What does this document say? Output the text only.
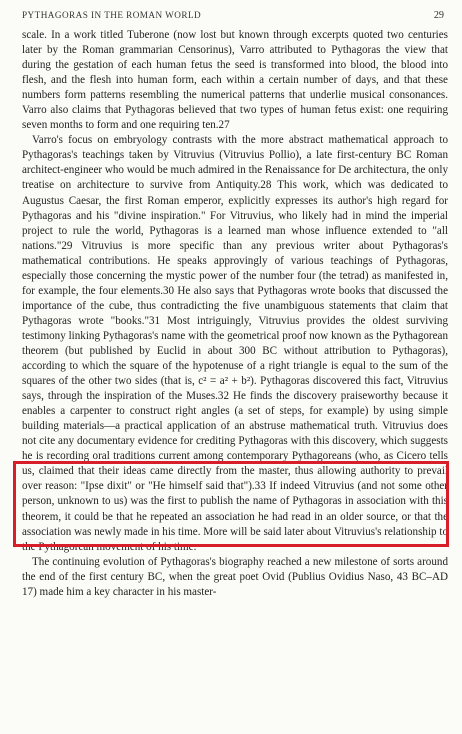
PYTHAGORAS IN THE ROMAN WORLD	29

scale. In a work titled Tuberone (now lost but known through excerpts quoted two centuries later by the Roman grammarian Censorinus), Varro attributed to Pythagoras the view that during the gestation of each human fetus the seed is transformed into blood, the blood into flesh, and the flesh into human form, each within a certain number of days, and that these numbers form patterns resembling the numerical patterns that underlie musical consonances. Varro also claims that Pythagoras believed that two types of human fetus exist: one requiring seven months to form and one requiring ten.27

Varro's focus on embryology contrasts with the more abstract mathematical approach to Pythagoras's teachings taken by Vitruvius (Vitruvius Pollio), a late first-century BC Roman architect-engineer who would be much admired in the Renaissance for De architectura, the only treatise on architecture to survive from Antiquity.28 This work, which was dedicated to Augustus Caesar, the first Roman emperor, explicitly expresses its author's high regard for Pythagoras and his "divine inspiration." For Vitruvius, who likely had in mind the imperial project to rule the world, Pythagoras is a learned man whose influence extended to "all nations."29 Vitruvius is more specific than any previous writer about Pythagoras's mathematical contributions. He speaks approvingly of various teachings of Pythagoras, especially those concerning the mystic power of the number four (the tetrad) as manifested in, for example, the four elements.30 He also says that Pythagoras wrote books that discussed the importance of the cube, thus contradicting the five unambiguous statements that claim that Pythagoras wrote "books."31 Most intriguingly, Vitruvius provides the oldest surviving testimony linking Pythagoras's name with the geometrical proof now known as the Pythagorean theorem (but published by Euclid in about 300 BC without attribution to Pythagoras), according to which the square of the hypotenuse of a right triangle is equal to the sum of the squares of the other two sides (that is, c² = a² + b²). Pythagoras discovered this fact, Vitruvius says, through the inspiration of the Muses.32 He finds the discovery praiseworthy because it enables a carpenter to construct right angles (a set of steps, for example) by using simple building materials—a practical application of an abstruse mathematical truth. Vitruvius does not cite any documentary evidence for crediting Pythagoras with this discovery, which suggests he is recording oral traditions current among contemporary Pythagoreans (who, as Cicero tells us, claimed that their ideas came directly from the master, thus allowing authority to prevail over reason: "Ipse dixit" or "He himself said that").33 If indeed Vitruvius (and not some other person, unknown to us) was the first to publish the name of Pythagoras in association with this theorem, it could be that he repeated an association he had read in an older source, or that the association was newly made in his time. More will be said later about Vitruvius's relationship to the Pythagorean movement of his time.

The continuing evolution of Pythagoras's biography reached a new milestone of sorts around the end of the first century BC, when the great poet Ovid (Publius Ovidius Naso, 43 BC–AD 17) made him a key character in his master-
